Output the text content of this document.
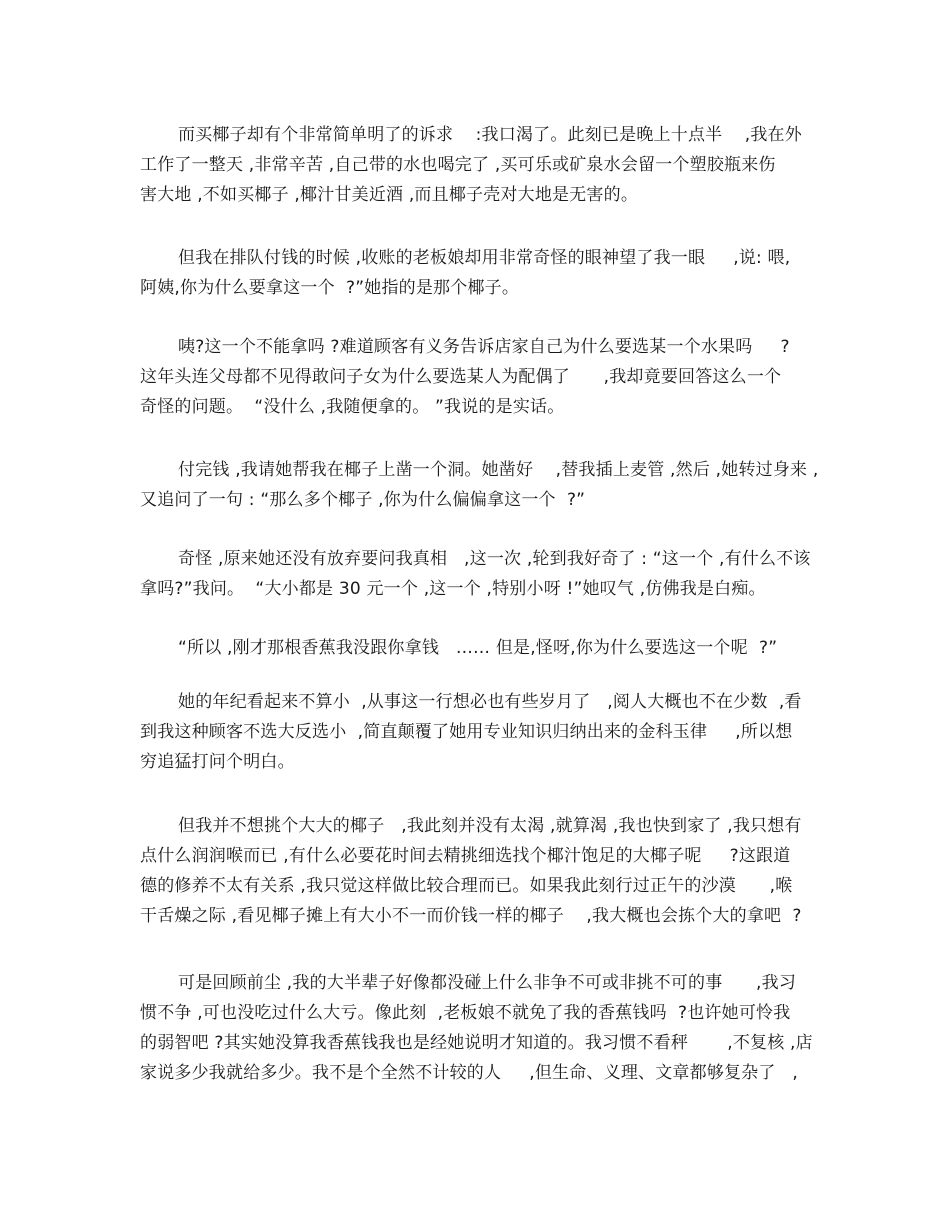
而买椰子却有个非常简单明了的诉求    :我口渴了。此刻已是晚上十点半    ,我在外
工作了一整天 ,非常辛苦 ,自己带的水也喝完了 ,买可乐或矿泉水会留一个塑胶瓶来伤
害大地 ,不如买椰子 ,椰汁甘美近酒 ,而且椰子壳对大地是无害的。
但我在排队付钱的时候 ,收账的老板娘却用非常奇怪的眼神望了我一眼     ,说: 喂,
阿姨,你为什么要拿这一个  ?”她指的是那个椰子。
咦?这一个不能拿吗 ?难道顾客有义务告诉店家自己为什么要选某一个水果吗     ?
这年头连父母都不见得敢问子女为什么要选某人为配偶了      ,我却竟要回答这么一个
奇怪的问题。  “没什么 ,我随便拿的。 ”我说的是实话。
付完钱 ,我请她帮我在椰子上凿一个洞。她凿好    ,替我插上麦管 ,然后 ,她转过身来 ,
又追问了一句 : “那么多个椰子 ,你为什么偏偏拿这一个  ?”
奇怪 ,原来她还没有放弃要问我真相   ,这一次 ,轮到我好奇了 : “这一个 ,有什么不该
拿吗?”我问。  “大小都是 30 元一个 ,这一个 ,特别小呀 !”她叹气 ,仿佛我是白痴。
“所以 ,刚才那根香蕉我没跟你拿钱   …… 但是,怪呀,你为什么要选这一个呢  ?”
她的年纪看起来不算小  ,从事这一行想必也有些岁月了   ,阅人大概也不在少数  ,看
到我这种顾客不选大反选小  ,简直颠覆了她用专业知识归纳出来的金科玉律     ,所以想
穷追猛打问个明白。
但我并不想挑个大大的椰子   ,我此刻并没有太渴 ,就算渴 ,我也快到家了 ,我只想有
点什么润润喉而已 ,有什么必要花时间去精挑细选找个椰汁饱足的大椰子呢     ?这跟道
德的修养不太有关系 ,我只觉这样做比较合理而已。如果我此刻行过正午的沙漠      ,喉
干舌燥之际 ,看见椰子摊上有大小不一而价钱一样的椰子    ,我大概也会拣个大的拿吧  ?
可是回顾前尘 ,我的大半辈子好像都没碰上什么非争不可或非挑不可的事      ,我习
惯不争 ,可也没吃过什么大亏。像此刻  ,老板娘不就免了我的香蕉钱吗  ?也许她可怜我
的弱智吧 ?其实她没算我香蕉钱我也是经她说明才知道的。我习惯不看秤       ,不复核 ,店
家说多少我就给多少。我不是个全然不计较的人     ,但生命、义理、文章都够复杂了   ,
